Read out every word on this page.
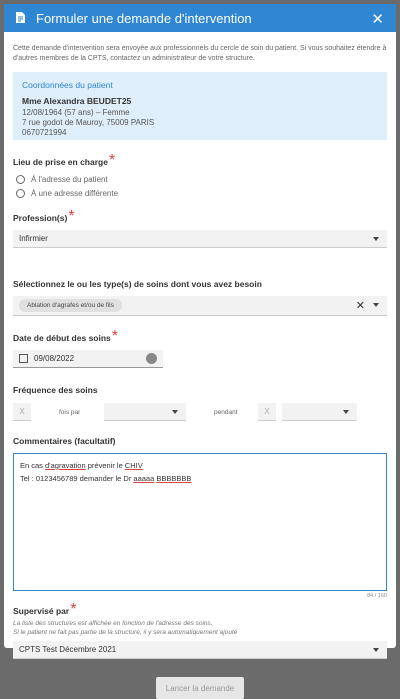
Formuler une demande d'intervention	✕
Cette demande d'intervention sera envoyée aux professionnels du cercle de soin du patient. Si vous souhaitez étendre à d'autres membres de la CPTS, contactez un administrateur de votre structure.
Coordonnées du patient
Mme Alexandra BEUDET25
12/08/1964 (57 ans) – Femme
7 rue godot de Mauroy, 75009 PARIS
0670721994
Lieu de prise en charge*
À l'adresse du patient
À une adresse différente
Profession(s)*
Infirmier
Sélectionnez le ou les type(s) de soins dont vous avez besoin
Ablation d'agrafes et/ou de fils	✕
Date de début des soins*
09/08/2022
Fréquence des soins
X	fois par	pendant	X
Commentaires (facultatif)
En cas d'agravation prévenir le CHIV
Tel : 0123456789 demander le Dr aaaaa BBBBBBB
84 / 160
Supervisé par*
La liste des structures est affichée en fonction de l'adresse des soins.
Si le patient ne fait pas partie de la structure, il y sera automatiquement ajouté
CPTS Test Décembre 2021
Lancer la demande
